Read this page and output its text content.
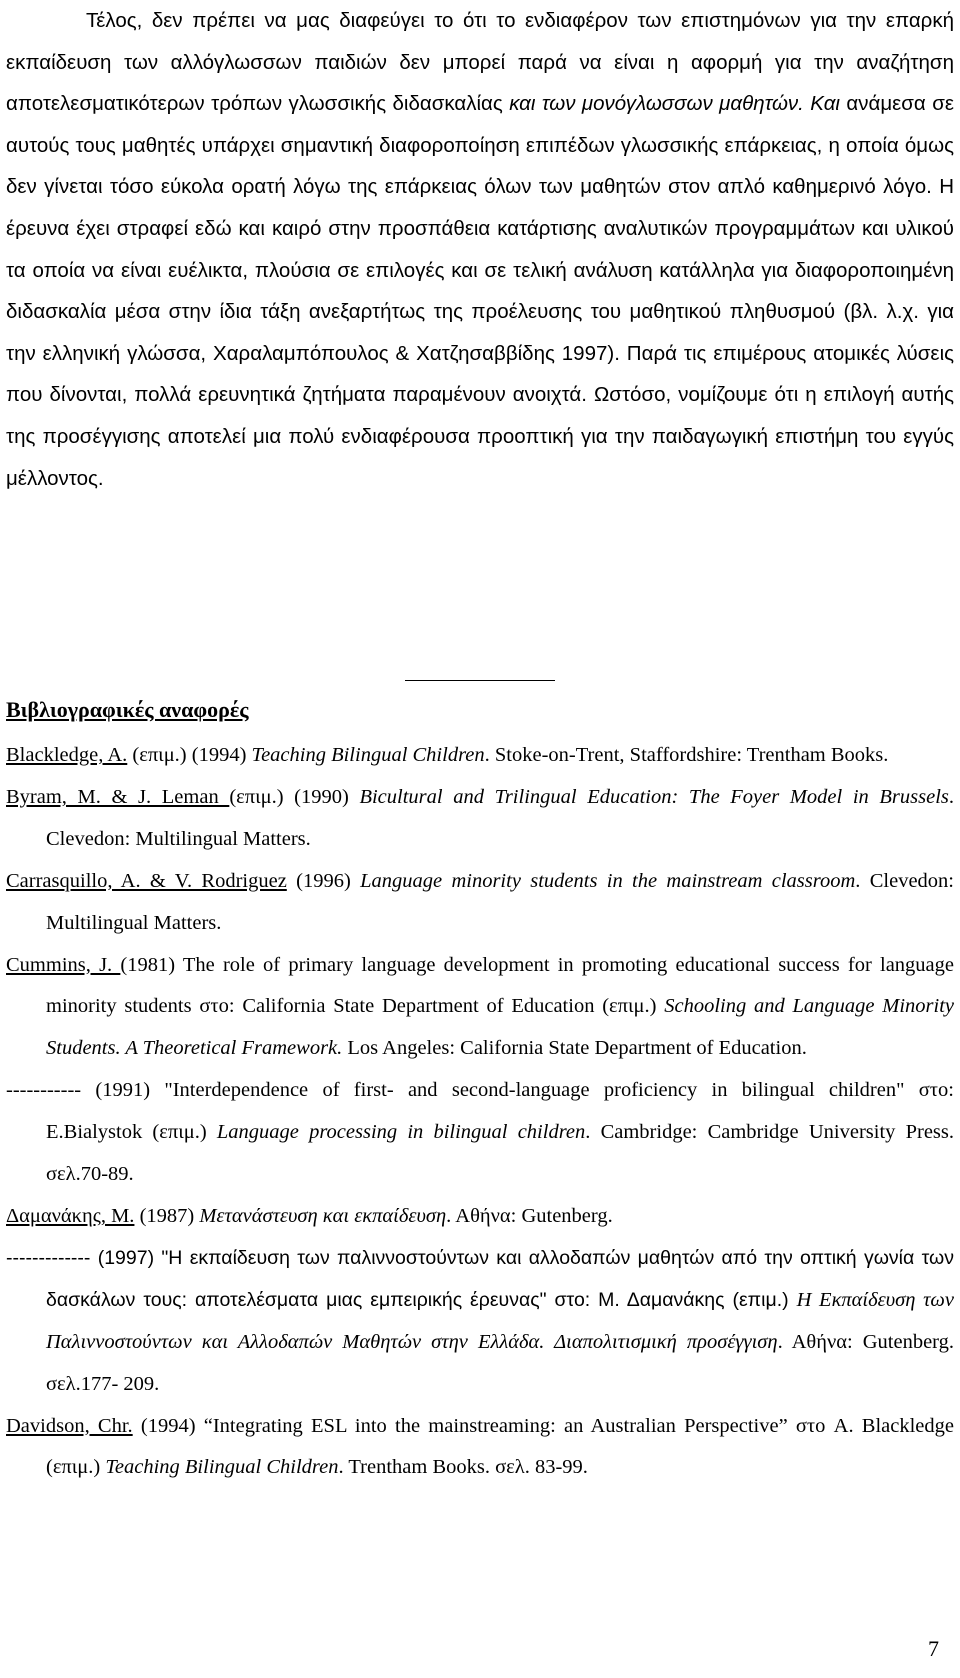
Τέλος, δεν πρέπει να μας διαφεύγει το ότι το ενδιαφέρον των επιστημόνων για την επαρκή εκπαίδευση των αλλόγλωσσων παιδιών δεν μπορεί παρά να είναι η αφορμή για την αναζήτηση αποτελεσματικότερων τρόπων γλωσσικής διδασκαλίας και των μονόγλωσσων μαθητών. Και ανάμεσα σε αυτούς τους μαθητές υπάρχει σημαντική διαφοροποίηση επιπέδων γλωσσικής επάρκειας, η οποία όμως δεν γίνεται τόσο εύκολα ορατή λόγω της επάρκειας όλων των μαθητών στον απλό καθημερινό λόγο. Η έρευνα έχει στραφεί εδώ και καιρό στην προσπάθεια κατάρτισης αναλυτικών προγραμμάτων και υλικού τα οποία να είναι ευέλικτα, πλούσια σε επιλογές και σε τελική ανάλυση κατάλληλα για διαφοροποιημένη διδασκαλία μέσα στην ίδια τάξη ανεξαρτήτως της προέλευσης του μαθητικού πληθυσμού (βλ. λ.χ. για την ελληνική γλώσσα, Χαραλαμπόπουλος & Χατζησαββίδης 1997). Παρά τις επιμέρους ατομικές λύσεις που δίνονται, πολλά ερευνητικά ζητήματα παραμένουν ανοιχτά. Ωστόσο, νομίζουμε ότι η επιλογή αυτής της προσέγγισης αποτελεί μια πολύ ενδιαφέρουσα προοπτική για την παιδαγωγική επιστήμη του εγγύς μέλλοντος.

Βιβλιογραφικές αναφορές

Blackledge, A. (επιμ.) (1994) Teaching Bilingual Children. Stoke-on-Trent, Staffordshire: Trentham Books.

Byram, M. & J. Leman (επιμ.) (1990) Bicultural and Trilingual Education: The Foyer Model in Brussels. Clevedon: Multilingual Matters.

Carrasquillo, A. & V. Rodriguez (1996) Language minority students in the mainstream classroom. Clevedon: Multilingual Matters.

Cummins, J. (1981) The role of primary language development in promoting educational success for language minority students στο: California State Department of Education (επιμ.) Schooling and Language Minority Students. A Theoretical Framework. Los Angeles: California State Department of Education.

----------- (1991) "Interdependence of first- and second-language proficiency in bilingual children" στο: E.Bialystok (επιμ.) Language processing in bilingual children. Cambridge: Cambridge University Press. σελ.70-89.

Δαμανάκης, Μ. (1987) Μετανάστευση και εκπαίδευση. Αθήνα: Gutenberg.

------------- (1997) "Η εκπαίδευση των παλιννοστούντων και αλλοδαπών μαθητών από την οπτική γωνία των δασκάλων τους: αποτελέσματα μιας εμπειρικής έρευνας" στο: Μ. Δαμανάκης (επιμ.) Η Εκπαίδευση των Παλιννοστούντων και Αλλοδαπών Μαθητών στην Ελλάδα. Διαπολιτισμική προσέγγιση. Αθήνα: Gutenberg. σελ.177- 209.

Davidson, Chr. (1994) “Integrating ESL into the mainstreaming: an Australian Perspective” στο A. Blackledge (επιμ.) Teaching Bilingual Children. Trentham Books. σελ. 83-99.

7
